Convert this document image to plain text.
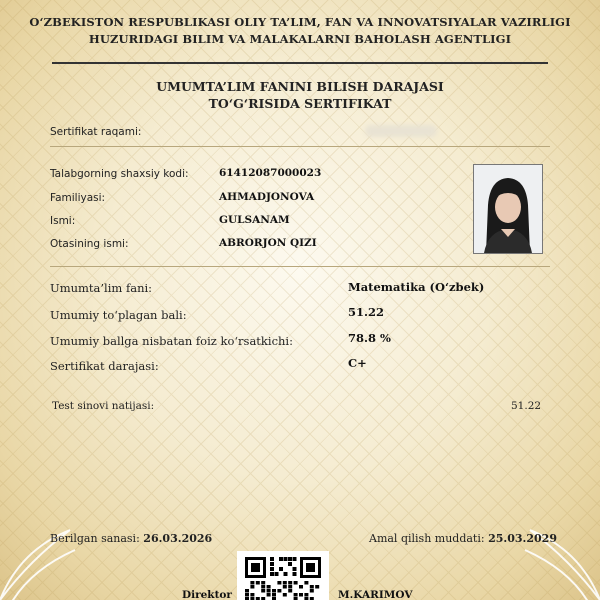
O‘ZBEKISTON RESPUBLIKASI OLIY TA’LIM, FAN VA INNOVATSIYALAR VAZIRLIGI
HUZURIDAGI BILIM VA MALAKALARNI BAHOLASH AGENTLIGI
UMUMTA’LIM FANINI BILISH DARAJASI
TO‘G‘RISIDA SERTIFIKAT
Sertifikat raqami:
Talabgorning shaxsiy kodi:	61412087000023
Familiyasi:	AHMADJONOVA
Ismi:	GULSANAM
Otasining ismi:	ABRORJON QIZI
Umumta’lim fani:	Matematika (O‘zbek)
Umumiy to‘plagan bali:	51.22
Umumiy ballga nisbatan foiz ko‘rsatkichi:	78.8 %
Sertifikat darajasi:	C+
Test sinovi natijasi:	51.22
Berilgan sanasi: 26.03.2026	Amal qilish muddati: 25.03.2029
Direktor	M.KARIMOV
